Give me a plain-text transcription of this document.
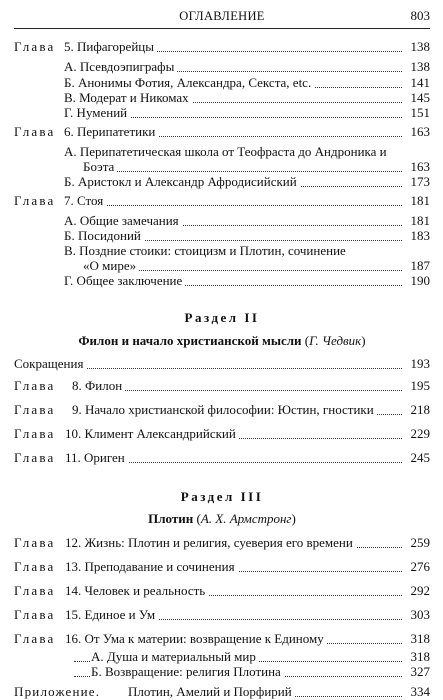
ОГЛАВЛЕНИЕ	803
Глава 5. Пифагорейцы	138
А. Псевдоэпиграфы	138
Б. Анонимы Фотия, Александра, Секста, etc.	141
В. Модерат и Никомах	145
Г. Нумений	151
Глава 6. Перипатетики	163
А. Перипатетическая школа от Теофраста до Андроника и
Боэта	163
Б. Аристокл и Александр Афродисийский	173
Глава 7. Стоя	181
А. Общие замечания	181
Б. Посидоний	183
В. Поздние стоики: стоицизм и Плотин, сочинение
«О мире»	187
Г. Общее заключение	190
Раздел II
Филон и начало христианской мысли (Г. Чедвик)
Сокращения	193
Глава 8. Филон	195
Глава 9. Начало христианской философии: Юстин, гностики	218
Глава 10. Климент Александрийский	229
Глава 11. Ориген	245
Раздел III
Плотин (А. Х. Армстронг)
Глава 12. Жизнь: Плотин и религия, суеверия его времени	259
Глава 13. Преподавание и сочинения	276
Глава 14. Человек и реальность	292
Глава 15. Единое и Ум	303
Глава 16. От Ума к материи: возвращение к Единому	318
А. Душа и материальный мир	318
Б. Возвращение: религия Плотина	327
Приложение. Плотин, Амелий и Порфирий	334
